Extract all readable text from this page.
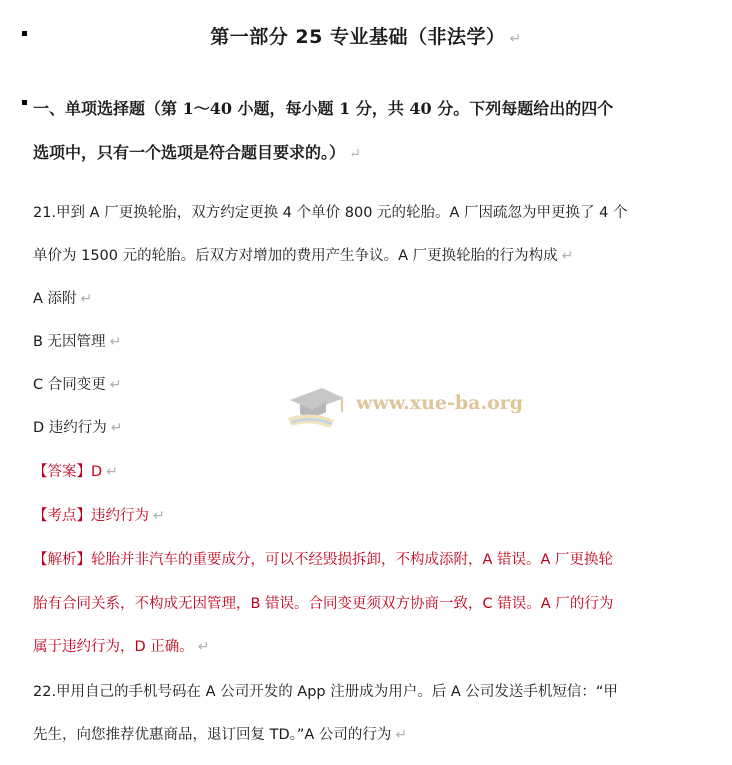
第一部分 25 专业基础（非法学） ↵
一、单项选择题（第 1～40 小题，每小题 1 分，共 40 分。下列每题给出的四个
选项中，只有一个选项是符合题目要求的。） ↵
21.甲到 A 厂更换轮胎，双方约定更换 4 个单价 800 元的轮胎。A 厂因疏忽为甲更换了 4 个
单价为 1500 元的轮胎。后双方对增加的费用产生争议。A 厂更换轮胎的行为构成 ↵
A 添附 ↵
B 无因管理 ↵
C 合同变更 ↵
D 违约行为 ↵
【答案】D ↵
【考点】违约行为 ↵
【解析】轮胎并非汽车的重要成分，可以不经毁损拆卸，不构成添附，A 错误。A 厂更换轮
胎有合同关系，不构成无因管理，B 错误。合同变更须双方协商一致，C 错误。A 厂的行为
属于违约行为，D 正确。 ↵
22.甲用自己的手机号码在 A 公司开发的 App 注册成为用户。后 A 公司发送手机短信：“甲
先生，向您推荐优惠商品，退订回复 TD。”A 公司的行为 ↵
www.xue-ba.org
